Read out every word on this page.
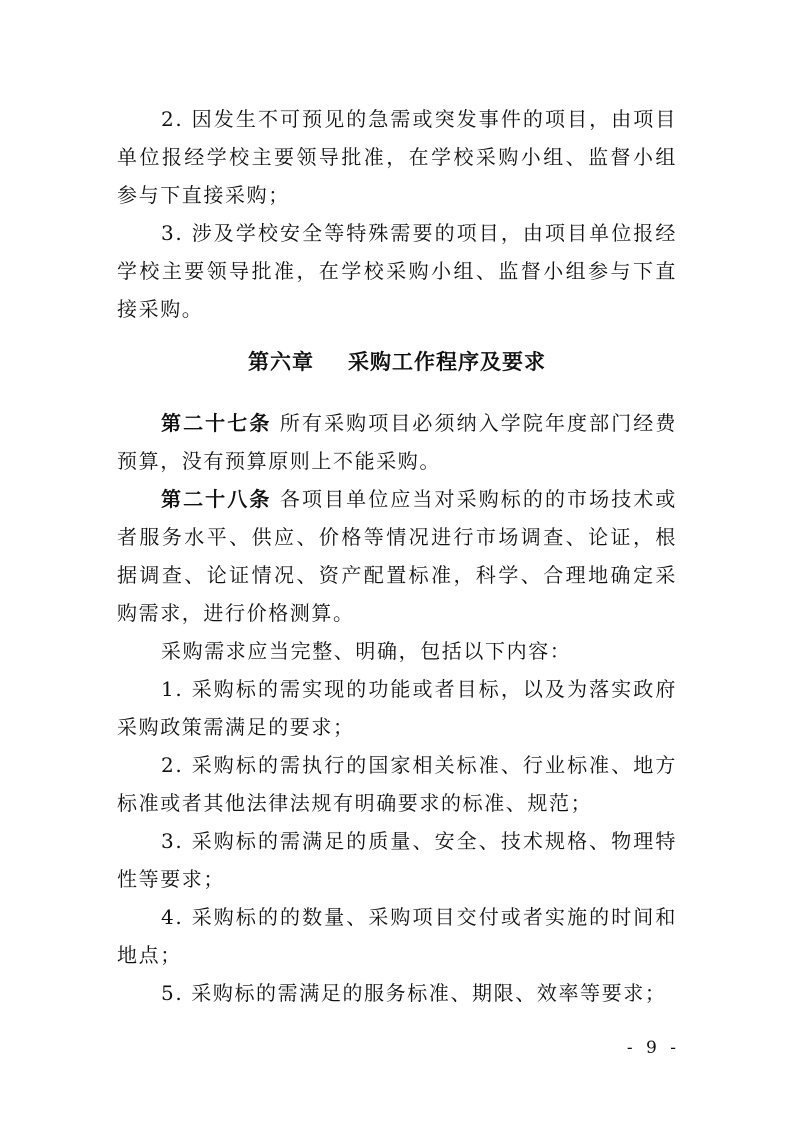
2. 因发生不可预见的急需或突发事件的项目，由项目单位报经学校主要领导批准，在学校采购小组、监督小组参与下直接采购；

3. 涉及学校安全等特殊需要的项目，由项目单位报经学校主要领导批准，在学校采购小组、监督小组参与下直接采购。

第六章 采购工作程序及要求

第二十七条 所有采购项目必须纳入学院年度部门经费预算，没有预算原则上不能采购。

第二十八条 各项目单位应当对采购标的的市场技术或者服务水平、供应、价格等情况进行市场调查、论证，根据调查、论证情况、资产配置标准，科学、合理地确定采购需求，进行价格测算。

采购需求应当完整、明确，包括以下内容：

1. 采购标的需实现的功能或者目标，以及为落实政府采购政策需满足的要求；

2. 采购标的需执行的国家相关标准、行业标准、地方标准或者其他法律法规有明确要求的标准、规范；

3. 采购标的需满足的质量、安全、技术规格、物理特性等要求；

4. 采购标的的数量、采购项目交付或者实施的时间和地点；

5. 采购标的需满足的服务标准、期限、效率等要求；

- 9 -
